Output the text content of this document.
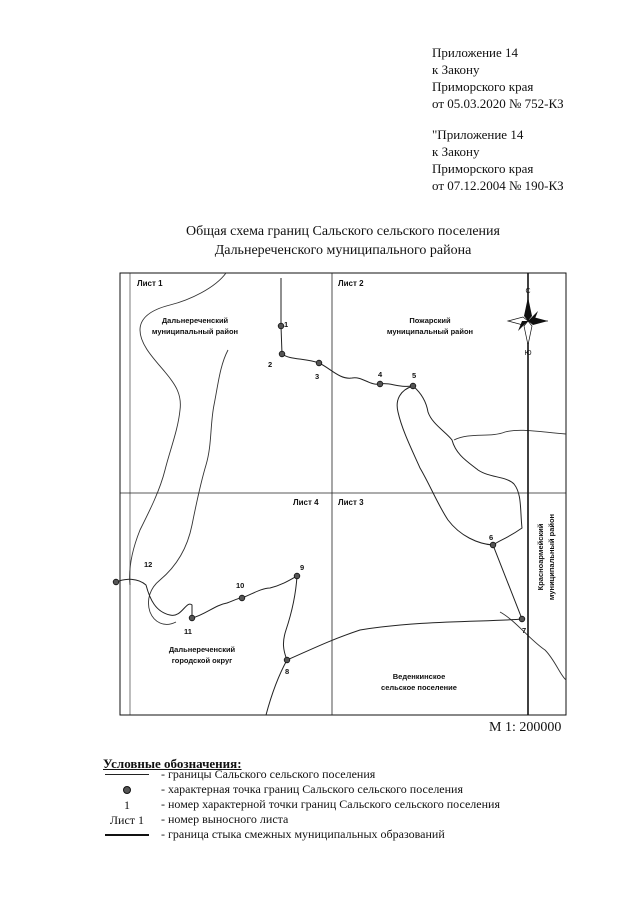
Приложение 14
к Закону
Приморского края
от 05.03.2020 № 752-КЗ
"Приложение 14
к Закону
Приморского края
от 07.12.2004 № 190-КЗ
Общая схема границ Сальского сельского поселения
Дальнереченского муниципального района
С
Ю
Лист 1	Лист 2
Лист 4 Лист 3
Дальнереченский
муниципальный район
Пожарский
муниципальный район
Красноармейский муниципальный район
Дальнереченский
городской округ
Веденкинское
сельское поселение
1
2
3	4	5
6
7
8
9
10
11
12
М 1: 200000
Условные обозначения:
- границы Сальского сельского поселения
- характерная точка границ Сальского сельского поселения
1	- номер характерной точки границ Сальского сельского поселения
Лист 1	- номер выносного листа
- граница стыка смежных муниципальных образований
